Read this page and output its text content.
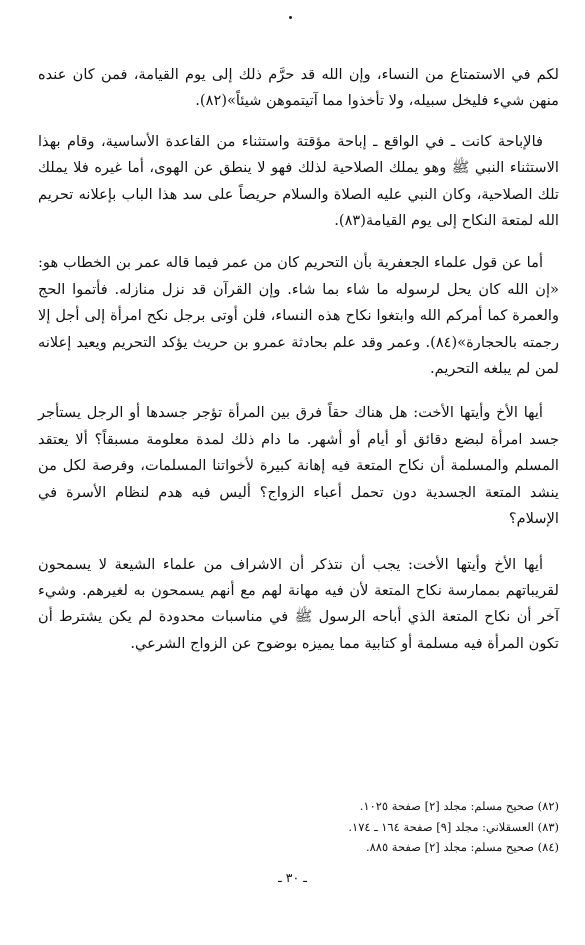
لكم في الاستمتاع من النساء، وإن الله قد حرَّم ذلك إلى يوم القيامة، فمن كان عنده منهن شيء فليخل سبيله، ولا تأخذوا مما آتيتموهن شيئاً»(٨٢).

فالإباحة كانت ـ في الواقع ـ إباحة مؤقتة واستثناء من القاعدة الأساسية، وقام بهذا الاستثناء النبي ﷺ وهو يملك الصلاحية لذلك فهو لا ينطق عن الهوى، أما غيره فلا يملك تلك الصلاحية، وكان النبي عليه الصلاة والسلام حريصاً على سد هذا الباب بإعلانه تحريم الله لمتعة النكاح إلى يوم القيامة(٨٣).

أما عن قول علماء الجعفرية بأن التحريم كان من عمر فيما قاله عمر بن الخطاب هو: «إن الله كان يحل لرسوله ما شاء بما شاء. وإن القرآن قد نزل منازله. فأتموا الحج والعمرة كما أمركم الله وابتغوا نكاح هذه النساء، فلن أوتى برجل نكح امرأة إلى أجل إلا رجمته بالحجارة»(٨٤). وعمر وقد علم بحادثة عمرو بن حريث يؤكد التحريم ويعيد إعلانه لمن لم يبلغه التحريم.

أيها الأخ وأيتها الأخت: هل هناك حقاً فرق بين المرأة تؤجر جسدها أو الرجل يستأجر جسد امرأة لبضع دقائق أو أيام أو أشهر. ما دام ذلك لمدة معلومة مسبقاً؟ ألا يعتقد المسلم والمسلمة أن نكاح المتعة فيه إهانة كبيرة لأخواتنا المسلمات، وفرصة لكل من ينشد المتعة الجسدية دون تحمل أعباء الزواج؟ أليس فيه هدم لنظام الأسرة في الإسلام؟

أيها الأخ وأيتها الأخت: يجب أن نتذكر أن الاشراف من علماء الشيعة لا يسمحون لقريباتهم بممارسة نكاح المتعة لأن فيه مهانة لهم مع أنهم يسمحون به لغيرهم. وشيء آخر أن نكاح المتعة الذي أباحه الرسول ﷺ في مناسبات محدودة لم يكن يشترط أن تكون المرأة فيه مسلمة أو كتابية مما يميزه بوضوح عن الزواج الشرعي.

(٨٢) صحيح مسلم: مجلد [٢] صفحة ١٠٢٥.

(٨٣) العسقلاني: مجلد [٩] صفحة ١٦٤ ـ ١٧٤.

(٨٤) صحيح مسلم: مجلد [٢] صفحة ٨٨٥.

ـ ٣٠ ـ
